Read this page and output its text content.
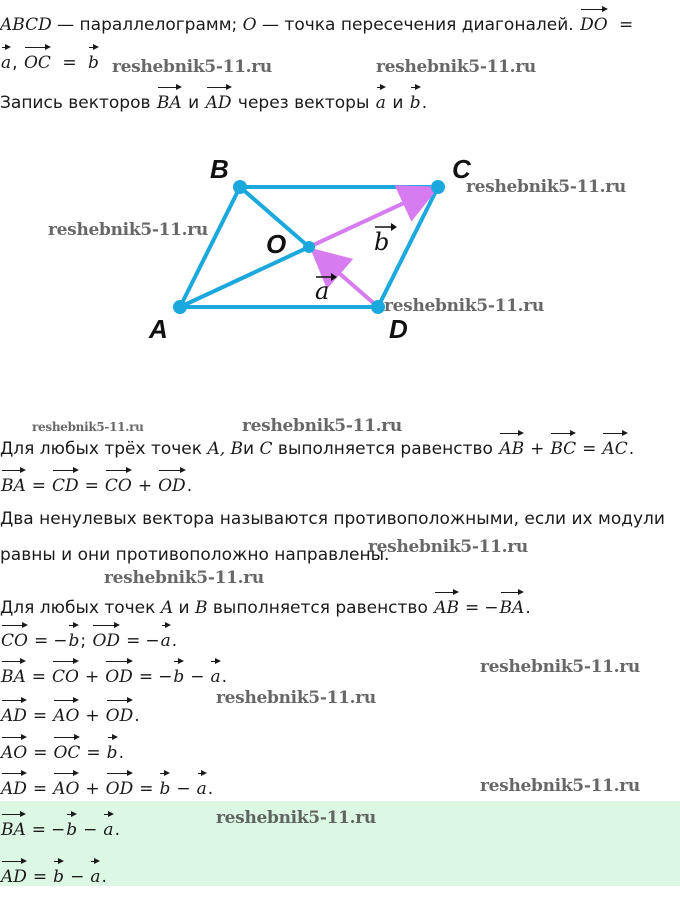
ABCD — параллелограмм; O — точка пересечения диагоналей. DO =
a, OC = b
Запись векторов BA и AD через векторы a и b.
B	C
A	D
O	b
a
Для любых трёх точек A, Bи C выполняется равенство AB + BC = AC.
BA = CD = CO + OD.
Два ненулевых вектора называются противоположными, если их модули
равны и они противоположно направлены.
Для любых точек A и B выполняется равенство AB = −BA.
CO = −b; OD = −a.
BA = CO + OD = −b − a.
AD = AO + OD.
AO = OC = b.
AD = AO + OD = b − a.
BA = −b − a.
AD = b − a.
reshebnik5-11.ru	reshebnik5-11.ru
reshebnik5-11.ru
reshebnik5-11.ru
reshebnik5-11.ru
reshebnik5-11.ru	reshebnik5-11.ru
reshebnik5-11.ru
reshebnik5-11.ru
reshebnik5-11.ru
reshebnik5-11.ru
reshebnik5-11.ru
reshebnik5-11.ru
